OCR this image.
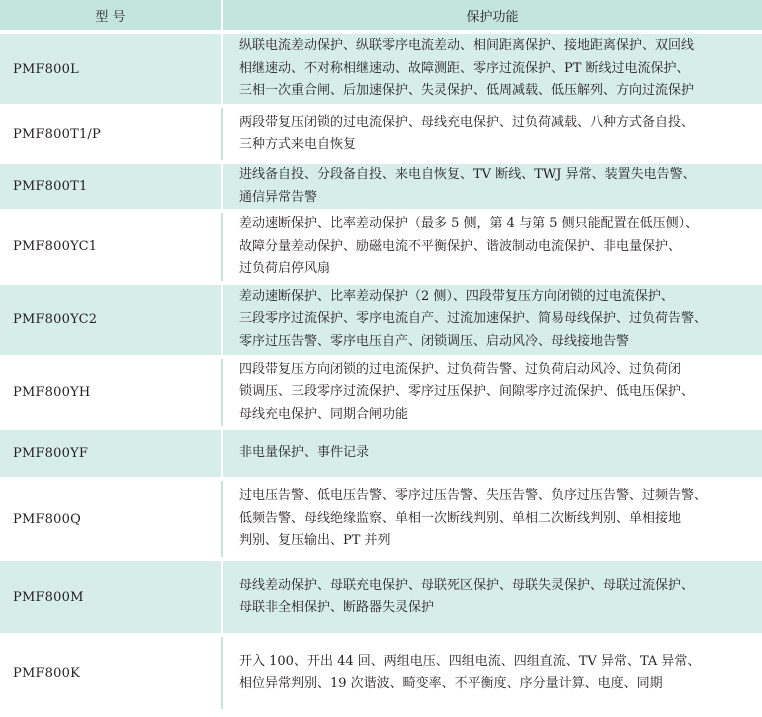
型 号	保护功能
PMF800L	纵联电流差动保护、纵联零序电流差动、相间距离保护、接地距离保护、双回线
相继速动、不对称相继速动、故障测距、零序过流保护、PT 断线过电流保护、
三相一次重合闸、后加速保护、失灵保护、低周减载、低压解列、方向过流保护

PMF800T1/P	两段带复压闭锁的过电流保护、母线充电保护、过负荷减载、八种方式备自投、
三种方式来电自恢复

PMF800T1	进线备自投、分段备自投、来电自恢复、TV 断线、TWJ 异常、装置失电告警、
通信异常告警

PMF800YC1	差动速断保护、比率差动保护（最多 5 侧，第 4 与第 5 侧只能配置在低压侧）、
故障分量差动保护、励磁电流不平衡保护、谐波制动电流保护、非电量保护、
过负荷启停风扇

PMF800YC2	差动速断保护、比率差动保护（2 侧）、四段带复压方向闭锁的过电流保护、
三段零序过流保护、零序电流自产、过流加速保护、简易母线保护、过负荷告警、
零序过压告警、零序电压自产、闭锁调压、启动风冷、母线接地告警

PMF800YH	四段带复压方向闭锁的过电流保护、过负荷告警、过负荷启动风冷、过负荷闭
锁调压、三段零序过流保护、零序过压保护、间隙零序过流保护、低电压保护、
母线充电保护、同期合闸功能

PMF800YF	非电量保护、事件记录

PMF800Q	过电压告警、低电压告警、零序过压告警、失压告警、负序过压告警、过频告警、
低频告警、母线绝缘监察、单相一次断线判别、单相二次断线判别、单相接地
判别、复压输出、PT 并列

PMF800M	母线差动保护、母联充电保护、母联死区保护、母联失灵保护、母联过流保护、
母联非全相保护、断路器失灵保护

PMF800K	开入 100、开出 44 回、两组电压、四组电流、四组直流、TV 异常、TA 异常、
相位异常判别、19 次谐波、畸变率、不平衡度、序分量计算、电度、同期
